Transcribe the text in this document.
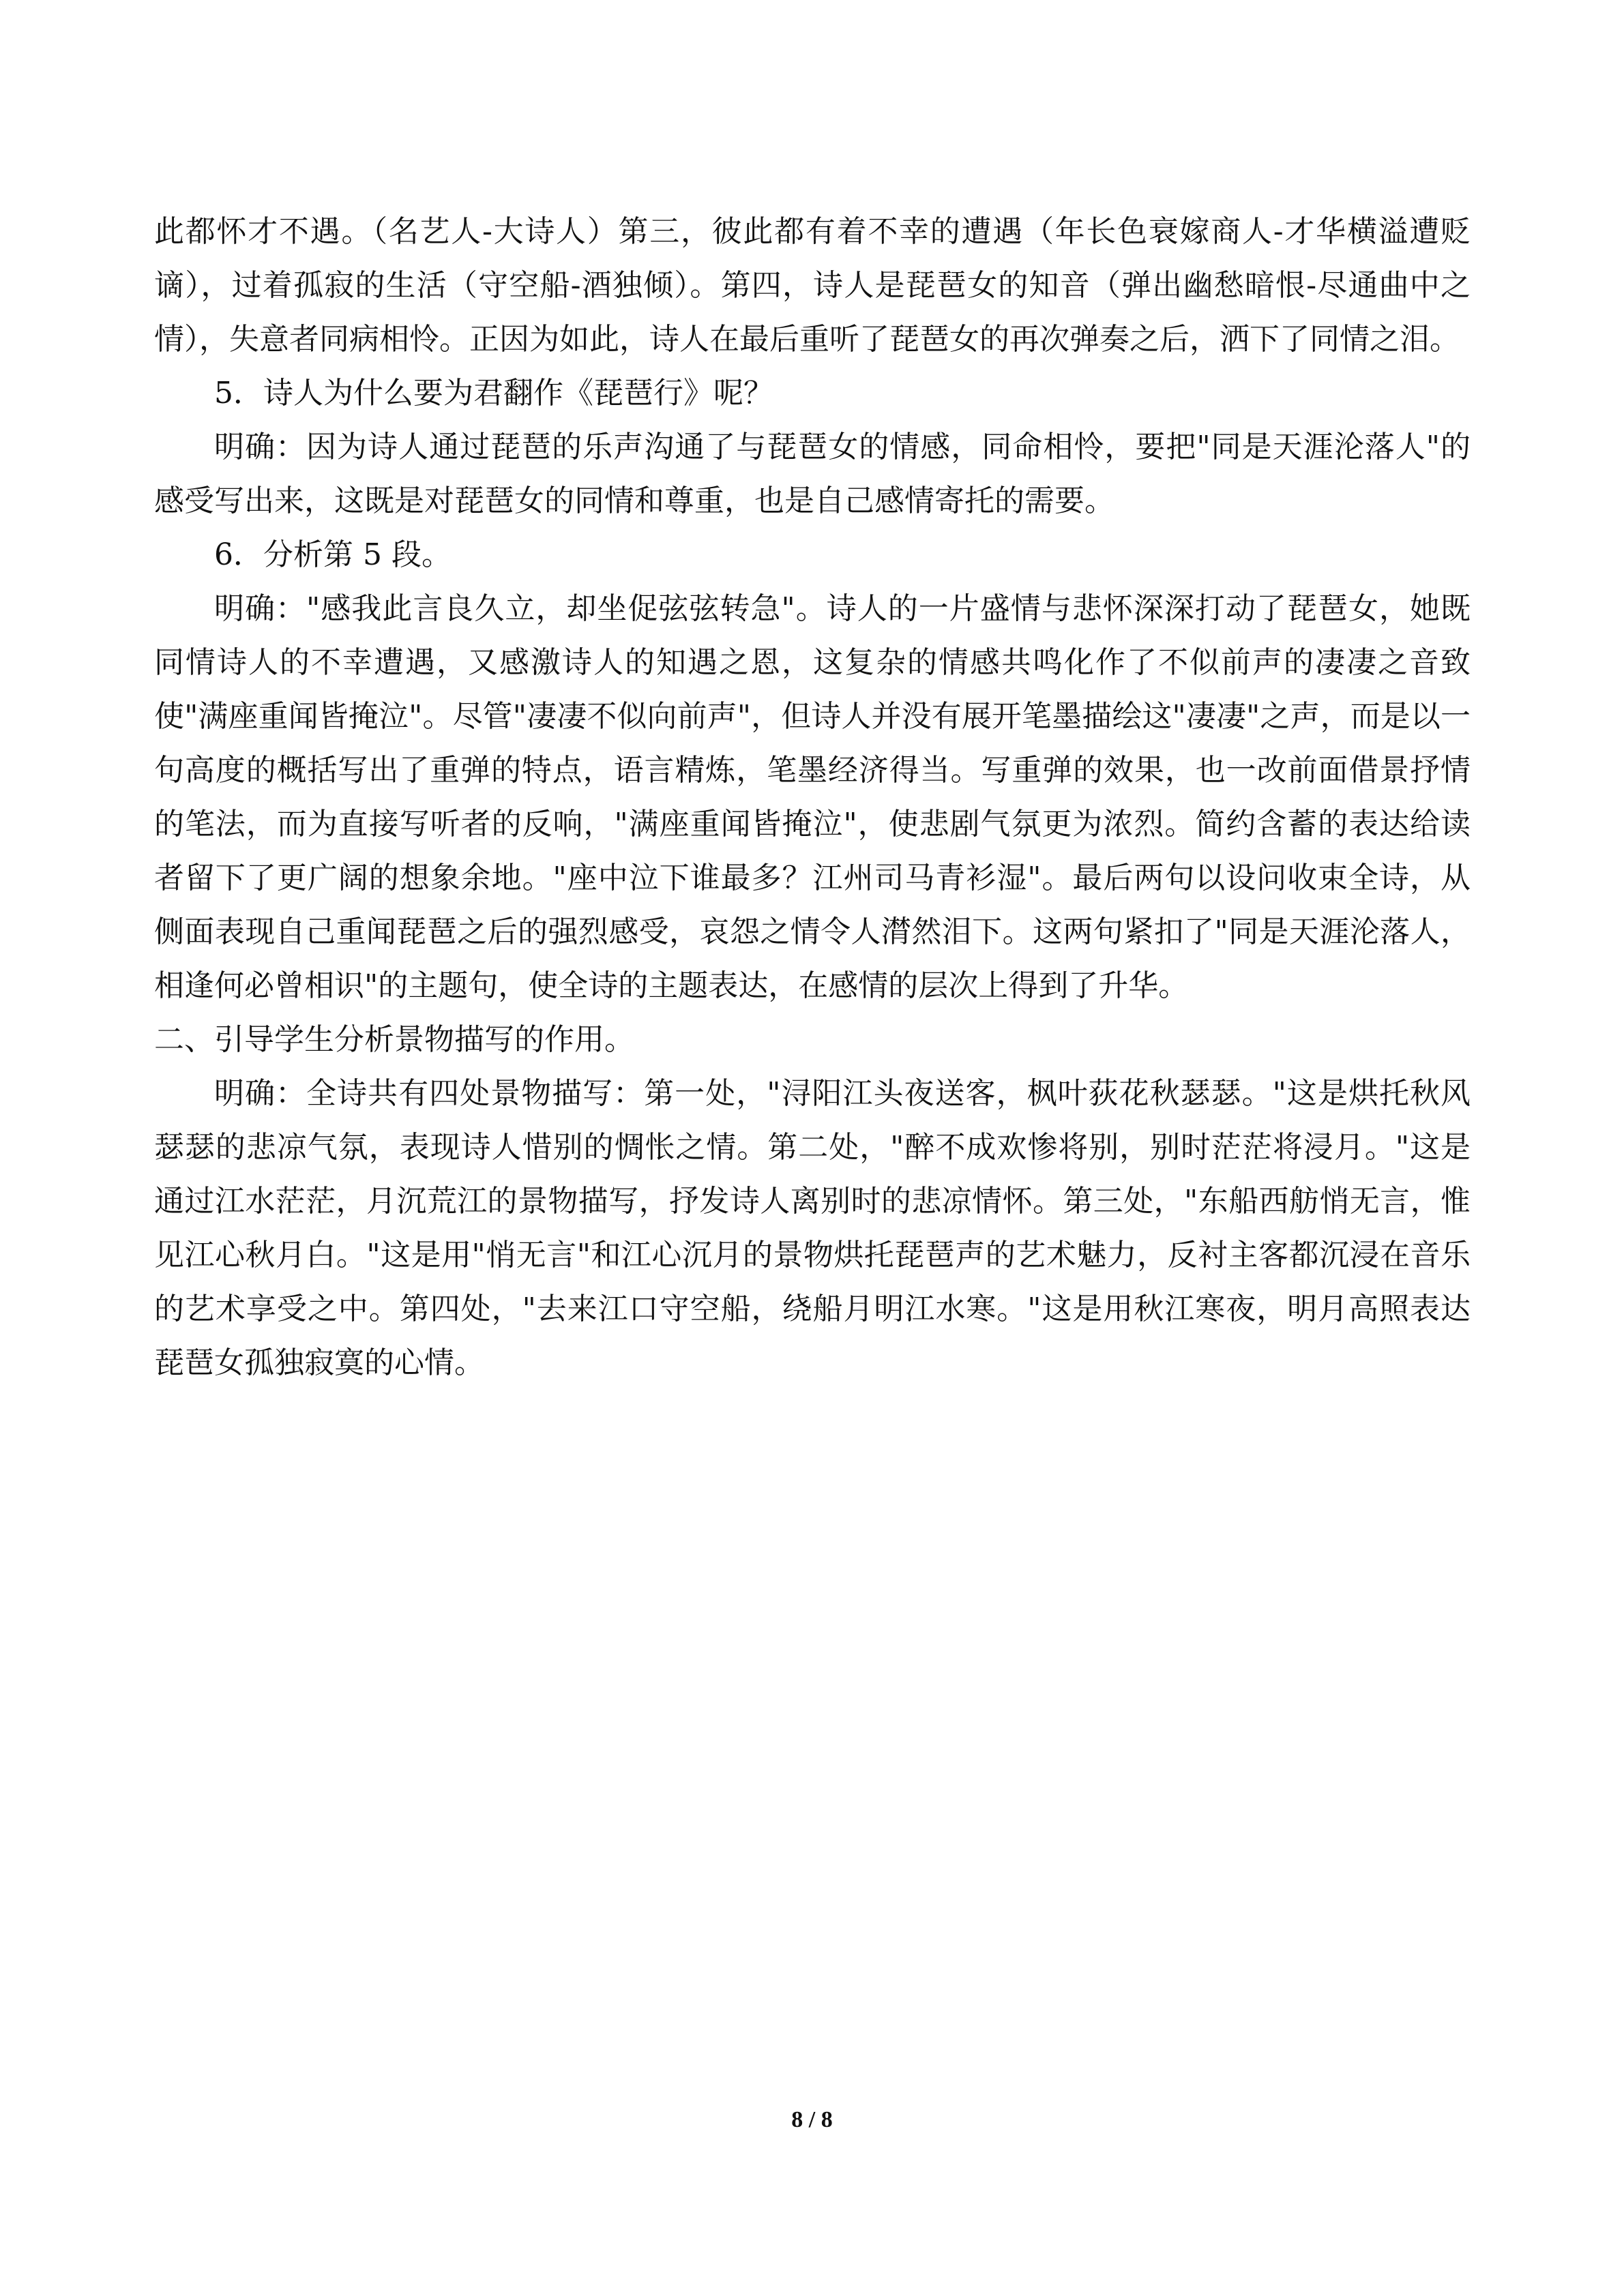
此都怀才不遇。（名艺人-大诗人）第三，彼此都有着不幸的遭遇（年长色衰嫁商人-才华横溢遭贬谪），过着孤寂的生活（守空船-酒独倾）。第四，诗人是琵琶女的知音（弹出幽愁暗恨-尽通曲中之情），失意者同病相怜。正因为如此，诗人在最后重听了琵琶女的再次弹奏之后，洒下了同情之泪。

5．诗人为什么要为君翻作《琵琶行》呢？

明确：因为诗人通过琵琶的乐声沟通了与琵琶女的情感，同命相怜，要把"同是天涯沦落人"的感受写出来，这既是对琵琶女的同情和尊重，也是自己感情寄托的需要。

6．分析第 5 段。

明确："感我此言良久立，却坐促弦弦转急"。诗人的一片盛情与悲怀深深打动了琵琶女，她既同情诗人的不幸遭遇，又感激诗人的知遇之恩，这复杂的情感共鸣化作了不似前声的凄凄之音致使"满座重闻皆掩泣"。尽管"凄凄不似向前声"，但诗人并没有展开笔墨描绘这"凄凄"之声，而是以一句高度的概括写出了重弹的特点，语言精炼，笔墨经济得当。写重弹的效果，也一改前面借景抒情的笔法，而为直接写听者的反响，"满座重闻皆掩泣"，使悲剧气氛更为浓烈。简约含蓄的表达给读者留下了更广阔的想象余地。"座中泣下谁最多？江州司马青衫湿"。最后两句以设问收束全诗，从侧面表现自己重闻琵琶之后的强烈感受，哀怨之情令人潸然泪下。这两句紧扣了"同是天涯沦落人，相逢何必曾相识"的主题句，使全诗的主题表达，在感情的层次上得到了升华。

二、引导学生分析景物描写的作用。

明确：全诗共有四处景物描写：第一处，"浔阳江头夜送客，枫叶荻花秋瑟瑟。"这是烘托秋风瑟瑟的悲凉气氛，表现诗人惜别的惆怅之情。第二处，"醉不成欢惨将别，别时茫茫将浸月。"这是通过江水茫茫，月沉荒江的景物描写，抒发诗人离别时的悲凉情怀。第三处，"东船西舫悄无言，惟见江心秋月白。"这是用"悄无言"和江心沉月的景物烘托琵琶声的艺术魅力，反衬主客都沉浸在音乐的艺术享受之中。第四处，"去来江口守空船，绕船月明江水寒。"这是用秋江寒夜，明月高照表达琵琶女孤独寂寞的心情。

8 / 8
